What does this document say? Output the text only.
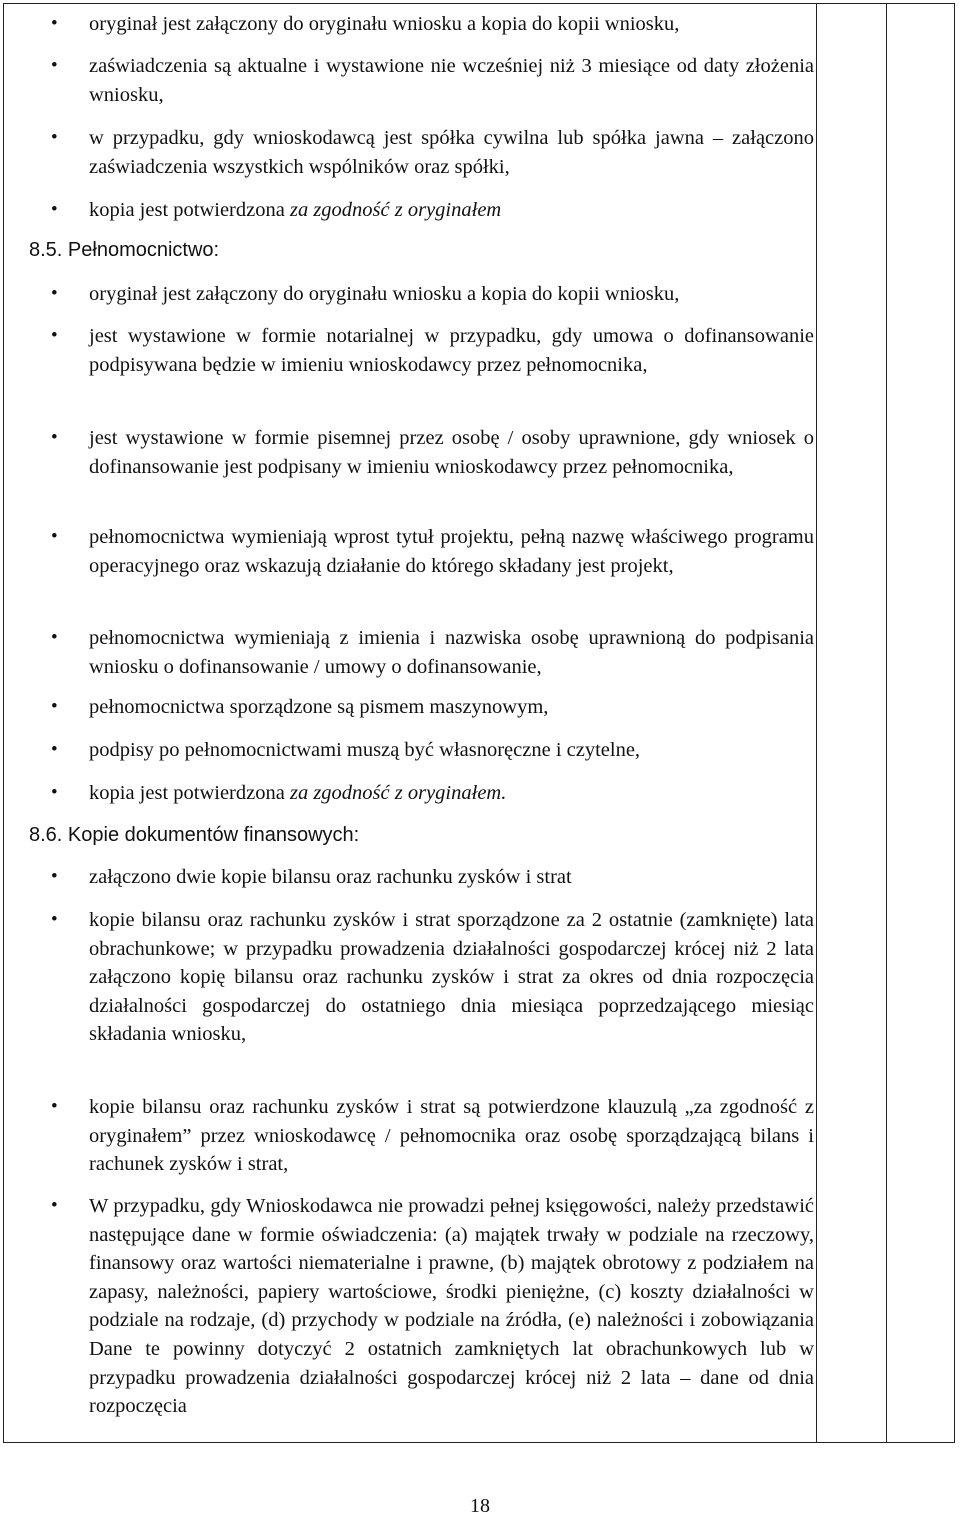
• oryginał jest załączony do oryginału wniosku a kopia do kopii wniosku,
• zaświadczenia są aktualne i wystawione nie wcześniej niż 3 miesiące od daty złożenia wniosku,
• w przypadku, gdy wnioskodawcą jest spółka cywilna lub spółka jawna – załączono zaświadczenia wszystkich wspólników oraz spółki,
• kopia jest potwierdzona za zgodność z oryginałem
8.5. Pełnomocnictwo:
• oryginał jest załączony do oryginału wniosku a kopia do kopii wniosku,
• jest wystawione w formie notarialnej w przypadku, gdy umowa o dofinansowanie podpisywana będzie w imieniu wnioskodawcy przez pełnomocnika,
• jest wystawione w formie pisemnej przez osobę / osoby uprawnione, gdy wniosek o dofinansowanie jest podpisany w imieniu wnioskodawcy przez pełnomocnika,
• pełnomocnictwa wymieniają wprost tytuł projektu, pełną nazwę właściwego programu operacyjnego oraz wskazują działanie do którego składany jest projekt,
• pełnomocnictwa wymieniają z imienia i nazwiska osobę uprawnioną do podpisania wniosku o dofinansowanie / umowy o dofinansowanie,
• pełnomocnictwa sporządzone są pismem maszynowym,
• podpisy po pełnomocnictwami muszą być własnoręczne i czytelne,
• kopia jest potwierdzona za zgodność z oryginałem.
8.6. Kopie dokumentów finansowych:
• załączono dwie kopie bilansu oraz rachunku zysków i strat
• kopie bilansu oraz rachunku zysków i strat sporządzone za 2 ostatnie (zamknięte) lata obrachunkowe; w przypadku prowadzenia działalności gospodarczej krócej niż 2 lata załączono kopię bilansu oraz rachunku zysków i strat za okres od dnia rozpoczęcia działalności gospodarczej do ostatniego dnia miesiąca poprzedzającego miesiąc składania wniosku,
• kopie bilansu oraz rachunku zysków i strat są potwierdzone klauzulą „za zgodność z oryginałem” przez wnioskodawcę / pełnomocnika oraz osobę sporządzającą bilans i rachunek zysków i strat,
• W przypadku, gdy Wnioskodawca nie prowadzi pełnej księgowości, należy przedstawić następujące dane w formie oświadczenia: (a) majątek trwały w podziale na rzeczowy, finansowy oraz wartości niematerialne i prawne, (b) majątek obrotowy z podziałem na zapasy, należności, papiery wartościowe, środki pieniężne, (c) koszty działalności w podziale na rodzaje, (d) przychody w podziale na źródła, (e) należności i zobowiązania Dane te powinny dotyczyć 2 ostatnich zamkniętych lat obrachunkowych lub w przypadku prowadzenia działalności gospodarczej krócej niż 2 lata – dane od dnia rozpoczęcia
18
